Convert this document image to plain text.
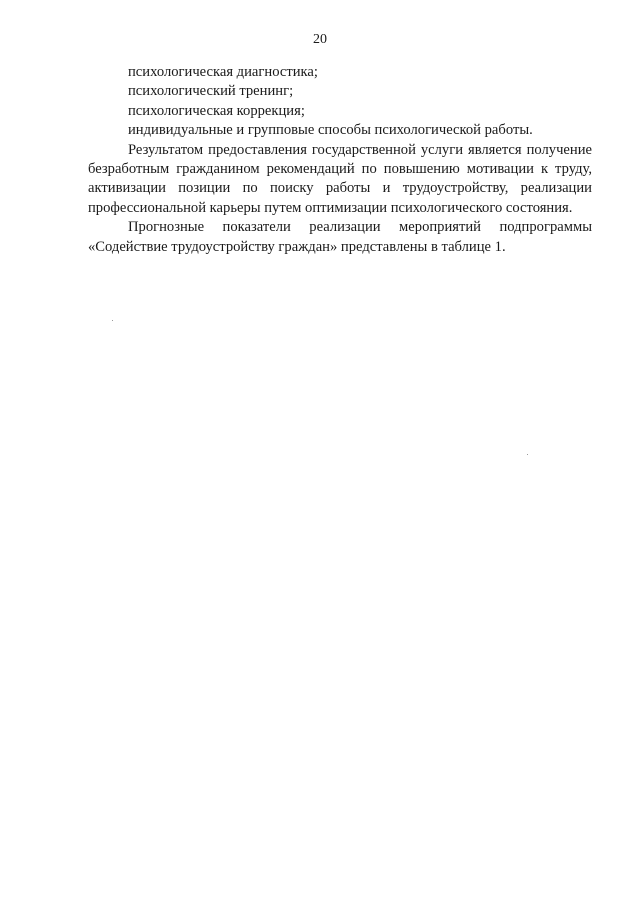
20

психологическая диагностика;

психологический тренинг;

психологическая коррекция;

индивидуальные и групповые способы психологической работы.

Результатом предоставления государственной услуги является получение безработным гражданином рекомендаций по повышению мотивации к труду, активизации позиции по поиску работы и трудоустройству, реализации профессиональной карьеры путем оптимизации психологического состояния.

Прогнозные показатели реализации мероприятий подпрограммы «Содействие трудоустройству граждан» представлены в таблице 1.
